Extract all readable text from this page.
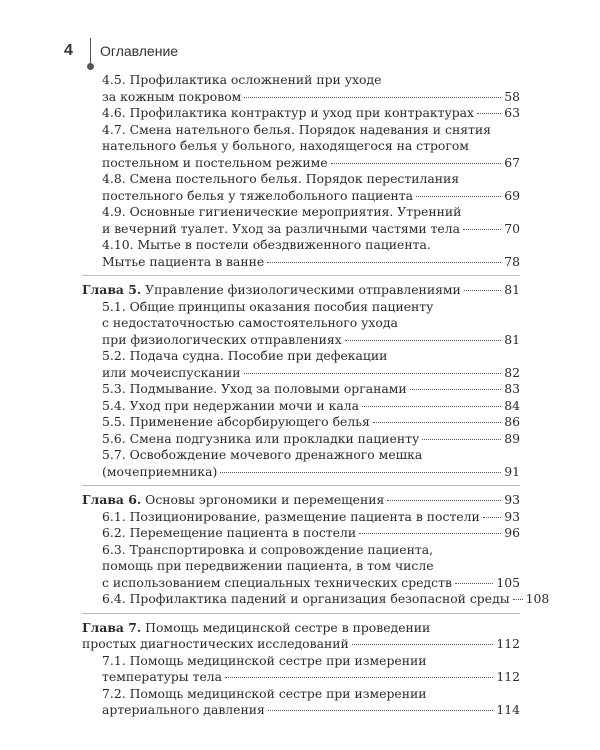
4	Оглавление
4.5. Профилактика осложнений при уходе
за кожным покровом	58
4.6. Профилактика контрактур и уход при контрактурах 63
4.7. Смена нательного белья. Порядок надевания и снятия
нательного белья у больного, находящегося на строгом
постельном и постельном режиме	67
4.8. Смена постельного белья. Порядок перестилания
постельного белья у тяжелобольного пациента	69
4.9. Основные гигиенические мероприятия. Утренний
и вечерний туалет. Уход за различными частями тела	70
4.10. Мытье в постели обездвиженного пациента.
Мытье пациента в ванне	78
Глава 5. Управление физиологическими отправлениями	81
5.1. Общие принципы оказания пособия пациенту
с недостаточностью самостоятельного ухода
при физиологических отправлениях	81
5.2. Подача судна. Пособие при дефекации
или мочеиспускании	82
5.3. Подмывание. Уход за половыми органами	83
5.4. Уход при недержании мочи и кала	84
5.5. Применение абсорбирующего белья	86
5.6. Смена подгузника или прокладки пациенту	89
5.7. Освобождение мочевого дренажного мешка
(мочеприемника)	91
Глава 6. Основы эргономики и перемещения	93
6.1. Позиционирование, размещение пациента в постели 93
6.2. Перемещение пациента в постели	96
6.3. Транспортировка и сопровождение пациента,
помощь при передвижении пациента, в том числе
с использованием специальных технических средств	105
6.4. Профилактика падений и организация безопасной среды 108
Глава 7. Помощь медицинской сестре в проведении
простых диагностических исследований	112
7.1. Помощь медицинской сестре при измерении
температуры тела	112
7.2. Помощь медицинской сестре при измерении
артериального давления	114
